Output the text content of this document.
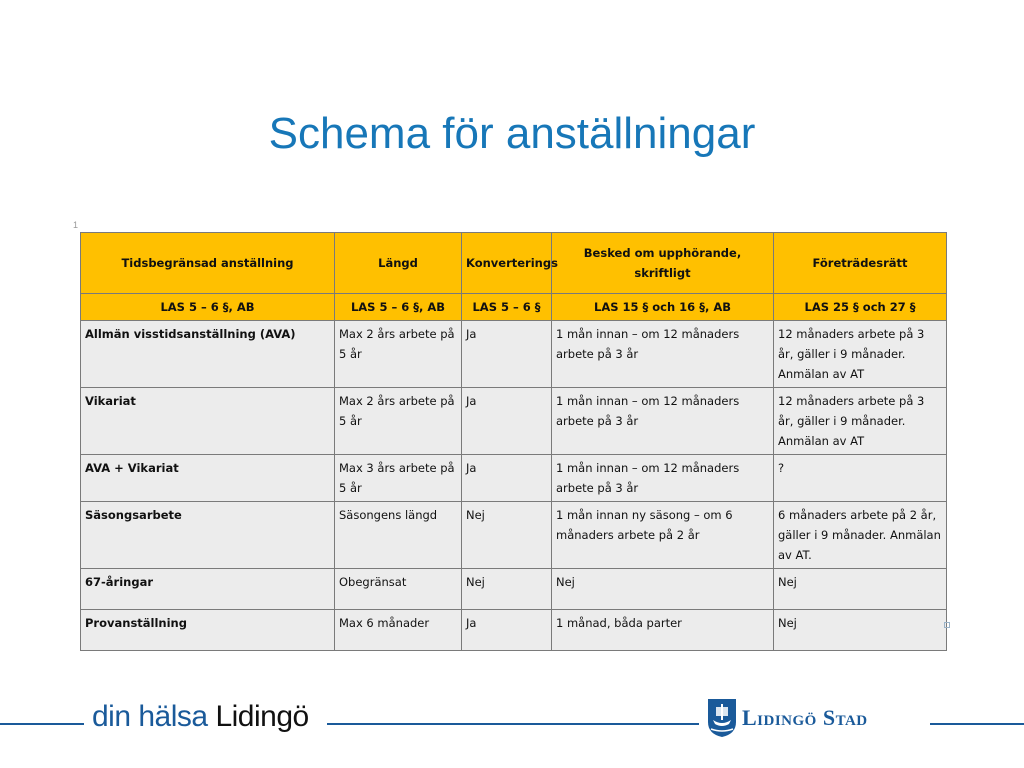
Schema för anställningar
1
Tidsbegränsad anställning	Längd	Konverterings	Besked om upphörande, skriftligt	Företrädesrätt
LAS 5 – 6 §, AB	LAS 5 – 6 §, AB	LAS 5 – 6 §	LAS 15 § och 16 §, AB	LAS 25 § och 27 §
Allmän visstidsanställning (AVA)	Max 2 års arbete på 5 år	Ja	1 mån innan – om 12 månaders arbete på 3 år	12 månaders arbete på 3 år, gäller i 9 månader. Anmälan av AT
Vikariat	Max 2 års arbete på 5 år	Ja	1 mån innan – om 12 månaders arbete på 3 år	12 månaders arbete på 3 år, gäller i 9 månader. Anmälan av AT
AVA + Vikariat	Max 3 års arbete på 5 år	Ja	1 mån innan – om 12 månaders arbete på 3 år	?
Säsongsarbete	Säsongens längd	Nej	1 mån innan ny säsong – om 6 månaders arbete på 2 år	6 månaders arbete på 2 år, gäller i 9 månader. Anmälan av AT.
67-åringar	Obegränsat	Nej	Nej	Nej
Provanställning	Max 6 månader	Ja	1 månad, båda parter	Nej
din hälsa Lidingö	Lidingö Stad
